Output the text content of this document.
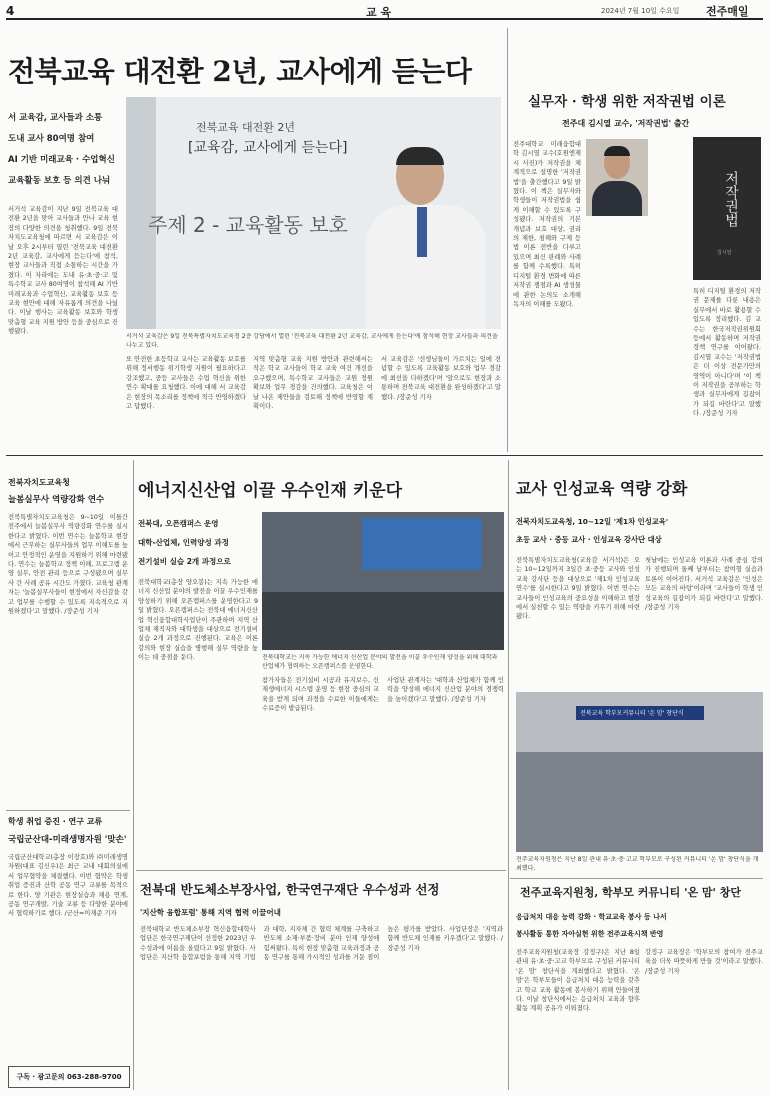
4	교 육	2024년 7월 10일 수요일 전주매일
전북교육 대전환 2년, 교사에게 듣는다
서 교육감, 교사들과 소통
도내 교사 80여명 참여
AI 기반 미래교육 · 수업혁신
교육활동 보호 등 의견 나눠
서거석 교육감이 지난 9일 전북교육 대전환 2년을 맞아 교사들과 만나 교육 현장의 다양한 의견을 청취했다. 9일 전북자치도교육청에 따르면 서 교육감은 이날 오후 2시부터 열린 '전북교육 대전환 2년 교육감, 교사에게 듣는다'에 참석, 현장 교사들과 직접 소통하는 시간을 가졌다. 이 자리에는 도내 유·초·중·고 및 특수학교 교사 80여명이 참석해 AI 기반 미래교육과 수업혁신, 교육활동 보호 등 교육 현안에 대해 자유롭게 의견을 나눴다. 이날 행사는 교육활동 보호와 학생 맞춤형 교육 지원 방안 등을 중심으로 진행됐다.
전북교육 대전환 2년
[교육감, 교사에게 듣는다]
주제 2 - 교육활동 보호
서거석 교육감은 9일 전북특별자치도교육청 2층 강당에서 열린 '전북교육 대전환 2년 교육감, 교사에게 듣는다'에 참석해 현장 교사들과 의견을 나누고 있다.
또 안전한 초등학교 교사는 교육활동 보호를 위해 정서행동 위기학생 지원이 필요하다고 강조했고, 중등 교사들은 수업 혁신을 위한 연수 확대를 요청했다. 이에 대해 서 교육감은 현장의 목소리를 정책에 적극 반영하겠다고 답했다.
지역 맞춤형 교육 지원 방안과 관련해서는 작은 학교 교사들이 학교 교육 여건 개선을 요구했으며, 특수학교 교사들은 교원 정원 확보와 업무 경감을 건의했다. 교육청은 이날 나온 제안들을 검토해 정책에 반영할 계획이다.
서 교육감은 '선생님들이 가르치는 일에 전념할 수 있도록 교육활동 보호와 업무 경감에 최선을 다하겠다'며 '앞으로도 현장과 소통하며 전북교육 대전환을 완성하겠다'고 말했다. /장준성 기자
실무자 · 학생 위한 저작권법 이론
전주대 김시열 교수, '저작권법' 출간
전주대학교 미래융합대학 김시열 교수(호원엔제시 사진)가 저작권을 체계적으로 설명한 '저작권법'을 출간했다고 9일 밝혔다. 이 책은 실무자와 학생들이 저작권법을 쉽게 이해할 수 있도록 구성됐다. 저작권의 기본 개념과 보호 대상, 권리의 제한, 침해와 구제 등 법 이론 전반을 다루고 있으며 최신 판례와 사례를 함께 수록했다. 특히 디지털 환경 변화에 따른 저작권 쟁점과 AI 생성물에 관한 논의도 소개해 독자의 이해를 도왔다.
저작권법
김시열
특히 디지털 환경의 저작권 문제를 다룬 내용은 실무에서 바로 활용할 수 있도록 정리했다. 김 교수는 한국저작권위원회 등에서 활동하며 저작권 정책 연구를 이어왔다. 김시열 교수는 '저작권법은 더 이상 전문가만의 영역이 아니다'며 '이 책이 저작권을 공부하는 학생과 실무자에게 길잡이가 되길 바란다'고 말했다. /장준성 기자
전북자치도교육청
늘봄실무사 역량강화 연수
전북특별자치도교육청은 9~10일 이틀간 전주에서 늘봄실무사 역량강화 연수를 실시한다고 밝혔다. 이번 연수는 늘봄학교 현장에서 근무하는 실무사들의 업무 이해도를 높이고 안정적인 운영을 지원하기 위해 마련됐다. 연수는 늘봄학교 정책 이해, 프로그램 운영 실무, 안전 관리 등으로 구성됐으며 실무사 간 사례 공유 시간도 가졌다. 교육청 관계자는 '늘봄실무사들이 현장에서 자신감을 갖고 업무를 수행할 수 있도록 지속적으로 지원하겠다'고 말했다. /장준성 기자
학생 취업 증진 · 연구 교류
국립군산대-미래생명자원 '맞손'
국립군산대학교(총장 이장호)와 ㈜미래생명자원(대표 김신우)은 최근 교내 대회의실에서 업무협약을 체결했다. 이번 협약은 학생 취업 증진과 산학 공동 연구 교류를 목적으로 한다. 양 기관은 현장실습과 채용 연계, 공동 연구개발, 기술 교류 등 다양한 분야에서 협력하기로 했다. /군산=이재준 기자
구독 · 광고문의 063-288-9700
에너지신산업 이끌 우수인재 키운다
전북대, 오픈캠퍼스 운영
대학-산업체, 인력양성 과정
전기설비 실습 2개 과정으로
전북대학교(총장 양오봉)는 지속 가능한 에너지 신산업 분야의 발전을 이끌 우수인재를 양성하기 위해 오픈캠퍼스를 운영한다고 9일 밝혔다. 오픈캠퍼스는 전북대 에너지신산업 혁신융합대학사업단이 주관하며 지역 산업체 재직자와 대학생을 대상으로 전기설비 실습 2개 과정으로 진행된다. 교육은 이론 강의와 현장 실습을 병행해 실무 역량을 높이는 데 중점을 둔다.	전북대학교는 지속 가능한 에너지 신산업 분야의 발전을 이끌 우수인재 양성을 위해 대학과 산업체가 협력하는 오픈캠퍼스를 운영한다.
참가자들은 전기설비 시공과 유지보수, 신재생에너지 시스템 운영 등 현장 중심의 교육을 받게 되며 과정을 수료한 이들에게는 수료증이 발급된다.
사업단 관계자는 '대학과 산업체가 함께 인력을 양성해 에너지 신산업 분야의 경쟁력을 높이겠다'고 말했다. /장준성 기자
교사 인성교육 역량 강화
전북자치도교육청, 10~12일 '제1차 인성교육'
초등 교사 · 중등 교사 · 인성교육 강사단 대상
전북특별자치도교육청(교육감 서거석)은 오는 10~12일까지 3일간 초·중등 교사와 인성교육 강사단 등을 대상으로 '제1차 인성교육 연수'를 실시한다고 9일 밝혔다. 이번 연수는 교사들이 인성교육의 중요성을 이해하고 현장에서 실천할 수 있는 역량을 키우기 위해 마련됐다.
첫날에는 인성교육 이론과 사례 중심 강의가 진행되며 둘째 날부터는 참여형 실습과 토론이 이어진다. 서거석 교육감은 '인성은 모든 교육의 바탕'이라며 '교사들이 학생 인성교육의 길잡이가 되길 바란다'고 말했다. /장준성 기자
전북교육 학부모커뮤니티 '온 맘' 창단식
전주교육지원청은 지난 8일 관내 유·초·중·고교 학부모로 구성된 커뮤니티 '온 맘' 창단식을 개최했다.
전주교육지원청, 학부모 커뮤니티 '온 맘' 창단
응급처치 대응 능력 강화 · 학교교육 봉사 등 나서
봉사활동 통한 자아실현 위한 전주교육시책 반영
전주교육지원청(교육장 강정구)은 지난 8일 관내 유·초·중·고교 학부모로 구성된 커뮤니티 '온 맘' 창단식을 개최했다고 밝혔다. '온 맘'은 학부모들이 응급처치 대응 능력을 갖추고 학교 교육 활동에 봉사하기 위해 만들어졌다. 이날 창단식에서는 응급처치 교육과 향후 활동 계획 공유가 이뤄졌다.
강정구 교육장은 '학부모의 참여가 전주교육을 더욱 따뜻하게 만들 것'이라고 말했다. /장준성 기자
전북대 반도체소부장사업, 한국연구재단 우수성과 선정
'지산학 융합포럼' 통해 지역 협력 이끌어내
전북대학교 반도체소부장 혁신융합대학사업단은 한국연구재단이 선정한 2023년 우수성과에 이름을 올렸다고 9일 밝혔다. 사업단은 지산학 융합포럼을 통해 지역 기업과 대학, 지자체 간 협력 체계를 구축하고 반도체 소재·부품·장비 분야 인재 양성에 힘써왔다. 특히 현장 맞춤형 교육과정과 공동 연구를 통해 가시적인 성과를 거둔 점이 높은 평가를 받았다. 사업단장은 '지역과 함께 반도체 인재를 키우겠다'고 말했다. /장준성 기자
